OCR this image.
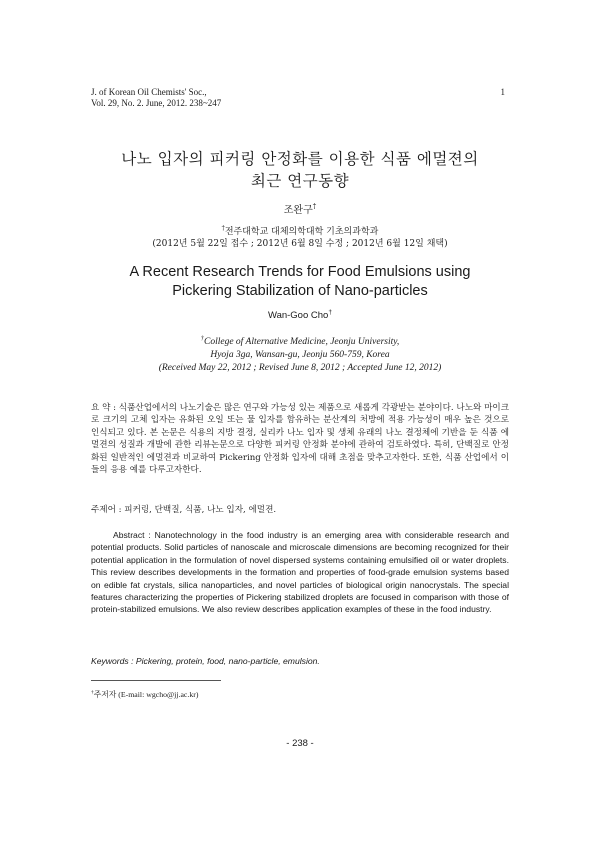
J. of Korean Oil Chemists' Soc.,
Vol. 29, No. 2. June, 2012. 238~247
1
나노 입자의 피커링 안정화를 이용한 식품 에멀젼의
최근 연구동향
조완구†
†전주대학교 대체의학대학 기초의과학과
(2012년 5월 22일 접수 ; 2012년 6월 8일 수정 ; 2012년 6월 12일 채택)
A Recent Research Trends for Food Emulsions using
Pickering Stabilization of Nano-particles
Wan-Goo Cho†
†College of Alternative Medicine, Jeonju University,
Hyoja 3ga, Wansan-gu, Jeonju 560-759, Korea
(Received May 22, 2012 ; Revised June 8, 2012 ; Accepted June 12, 2012)
요 약 : 식품산업에서의 나노기술은 많은 연구와 가능성 있는 제품으로 새롭게 각광받는 분야이다. 나노와 마이크로 크기의 고체 입자는 유화된 오일 또는 물 입자를 함유하는 분산계의 처방에 적용 가능성이 매우 높은 것으로 인식되고 있다. 본 논문은 식용의 지방 결정, 실리카 나노 입자 및 생체 유래의 나노 결정체에 기반을 둔 식품 에멀젼의 성질과 개발에 관한 리뷰논문으로 다양한 피커링 안정화 분야에 관하여 검토하였다. 특히, 단백질로 안정화된 일반적인 에멀젼과 비교하여 Pickering 안정화 입자에 대해 초점을 맞추고자한다. 또한, 식품 산업에서 이들의 응용 예를 다루고자한다.
주제어 : 피커링, 단백질, 식품, 나노 입자, 에멀젼.
Abstract : Nanotechnology in the food industry is an emerging area with considerable research and potential products. Solid particles of nanoscale and microscale dimensions are becoming recognized for their potential application in the formulation of novel dispersed systems containing emulsified oil or water droplets. This review describes developments in the formation and properties of food-grade emulsion systems based on edible fat crystals, silica nanoparticles, and novel particles of biological origin nanocrystals. The special features characterizing the properties of Pickering stabilized droplets are focused in comparison with those of protein-stabilized emulsions. We also review describes application examples of these in the food industry.
Keywords : Pickering, protein, food, nano-particle, emulsion.
†주저자 (E-mail: wgcho@jj.ac.kr)
- 238 -
